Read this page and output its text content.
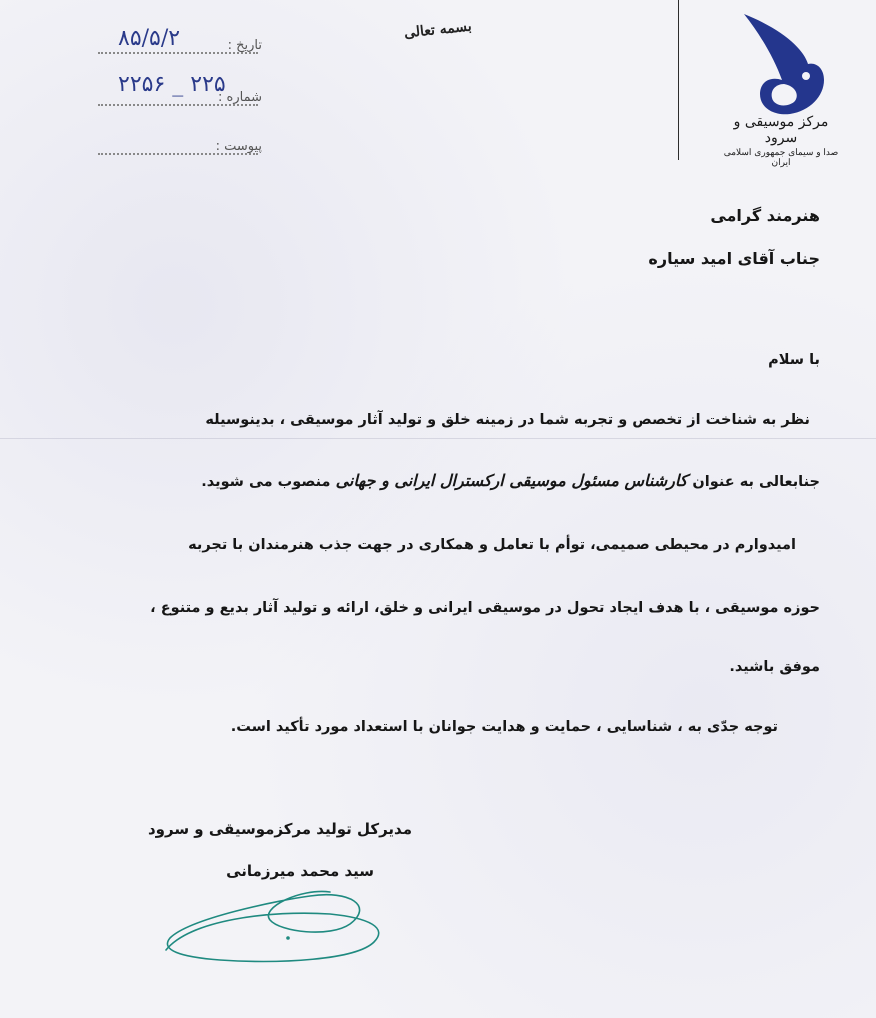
مرکز موسیقی و سرود
صدا و سیمای جمهوری اسلامی ایران
بسمه تعالی
تاریخ :
۸۵/۵/۲
شماره :
۲۲۵۶ _ ۲۲۵
پیوست :
هنرمند گرامی
جناب آقای امید سیاره
با سلام
نظر به شناخت از تخصص و تجربه شما در زمینه خلق و تولید آثار موسیقی ، بدینوسیله
جنابعالی به عنوان کارشناس مسئول موسیقی ارکسترال ایرانی و جهانی منصوب می شوید.
امیدوارم در محیطی صمیمی، توأم با تعامل و همکاری در جهت جذب هنرمندان با تجربه
حوزه موسیقی ، با هدف ایجاد تحول در موسیقی ایرانی و خلق، ارائه و تولید آثار بدیع و متنوع ،
موفق باشید.
توجه جدّی به ، شناسایی ، حمایت و هدایت جوانان با استعداد مورد تأکید است.
مدیرکل تولید مرکزموسیقی و سرود
سید محمد میرزمانی
